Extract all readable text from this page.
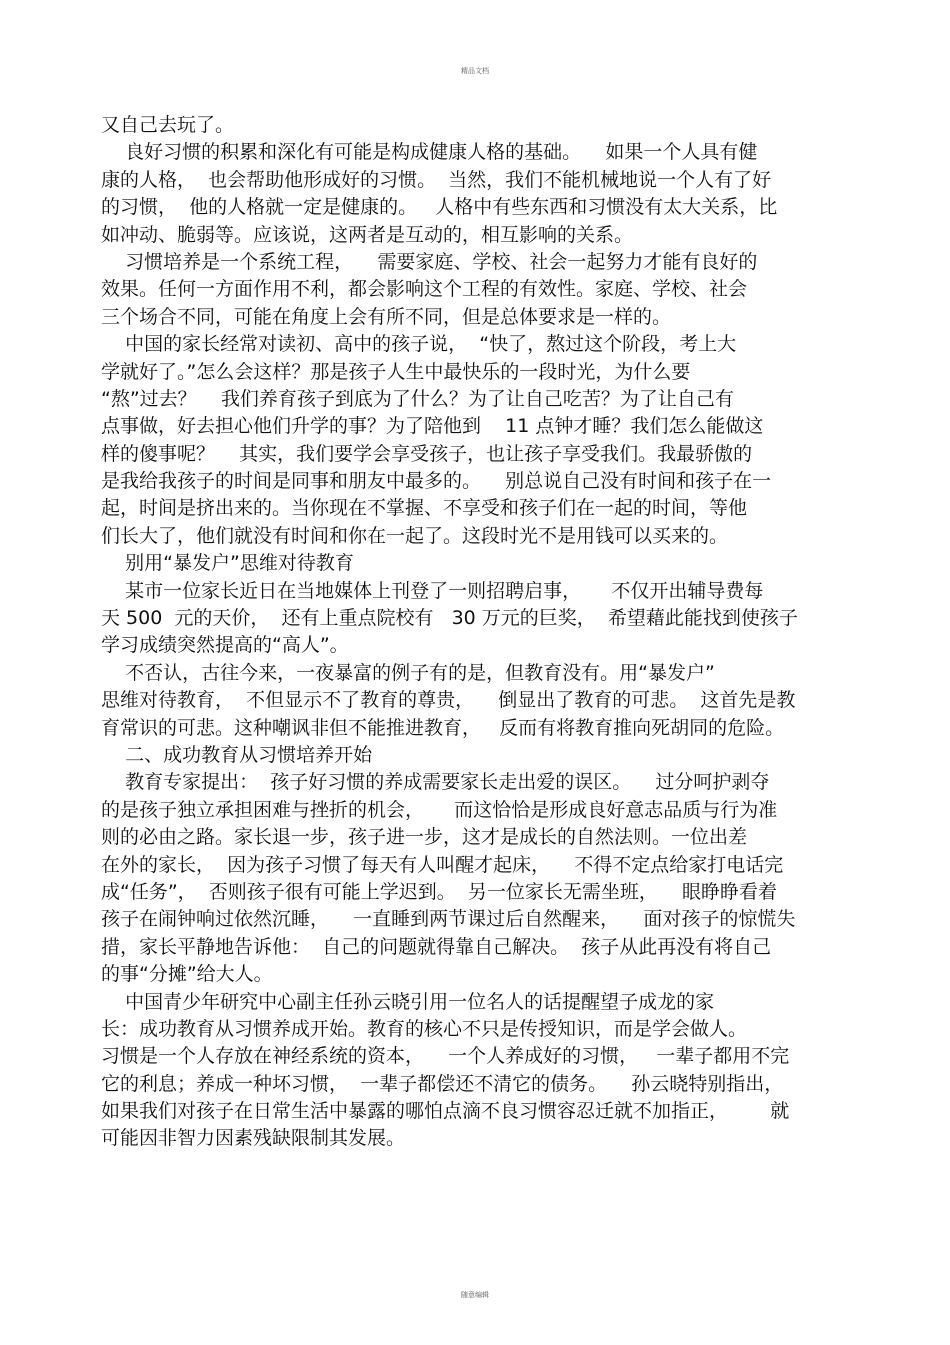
精品文档
又自己去玩了。
良好习惯的积累和深化有可能是构成健康人格的基础。    如果一个人具有健
康的人格，  也会帮助他形成好的习惯。  当然，我们不能机械地说一个人有了好
的习惯，  他的人格就一定是健康的。   人格中有些东西和习惯没有太大关系，比
如冲动、脆弱等。应该说，这两者是互动的，相互影响的关系。
习惯培养是一个系统工程，    需要家庭、学校、社会一起努力才能有良好的
效果。任何一方面作用不利，都会影响这个工程的有效性。家庭、学校、社会
三个场合不同，可能在角度上会有所不同，但是总体要求是一样的。
中国的家长经常对读初、高中的孩子说，  “快了，熬过这个阶段，考上大
学就好了。”怎么会这样？那是孩子人生中最快乐的一段时光，为什么要
“熬”过去？    我们养育孩子到底为了什么？为了让自己吃苦？为了让自己有
点事做，好去担心他们升学的事？为了陪他到    11 点钟才睡？我们怎么能做这
样的傻事呢？    其实，我们要学会享受孩子，也让孩子享受我们。我最骄傲的
是我给我孩子的时间是同事和朋友中最多的。    别总说自己没有时间和孩子在一
起，时间是挤出来的。当你现在不掌握、不享受和孩子们在一起的时间，等他
们长大了，他们就没有时间和你在一起了。这段时光不是用钱可以买来的。
别用“暴发户”思维对待教育
某市一位家长近日在当地媒体上刊登了一则招聘启事，     不仅开出辅导费每
天 500  元的天价，  还有上重点院校有   30 万元的巨奖，  希望藉此能找到使孩子
学习成绩突然提高的“高人”。
不否认，古往今来，一夜暴富的例子有的是，但教育没有。用“暴发户”
思维对待教育，  不但显示不了教育的尊贵，    倒显出了教育的可悲。  这首先是教
育常识的可悲。这种嘲讽非但不能推进教育，   反而有将教育推向死胡同的危险。
二、成功教育从习惯培养开始
教育专家提出：  孩子好习惯的养成需要家长走出爱的误区。    过分呵护剥夺
的是孩子独立承担困难与挫折的机会，     而这恰恰是形成良好意志品质与行为准
则的必由之路。家长退一步，孩子进一步，这才是成长的自然法则。一位出差
在外的家长，  因为孩子习惯了每天有人叫醒才起床，    不得不定点给家打电话完
成“任务”，  否则孩子很有可能上学迟到。  另一位家长无需坐班，    眼睁睁看着
孩子在闹钟响过依然沉睡，    一直睡到两节课过后自然醒来，    面对孩子的惊慌失
措，家长平静地告诉他：  自己的问题就得靠自己解决。  孩子从此再没有将自己
的事“分摊”给大人。
中国青少年研究中心副主任孙云晓引用一位名人的话提醒望子成龙的家
长：成功教育从习惯养成开始。教育的核心不只是传授知识，而是学会做人。
习惯是一个人存放在神经系统的资本，    一个人养成好的习惯，   一辈子都用不完
它的利息；养成一种坏习惯，  一辈子都偿还不清它的债务。    孙云晓特别指出，
如果我们对孩子在日常生活中暴露的哪怕点滴不良习惯容忍迁就不加指正，       就
可能因非智力因素残缺限制其发展。
随意编辑
